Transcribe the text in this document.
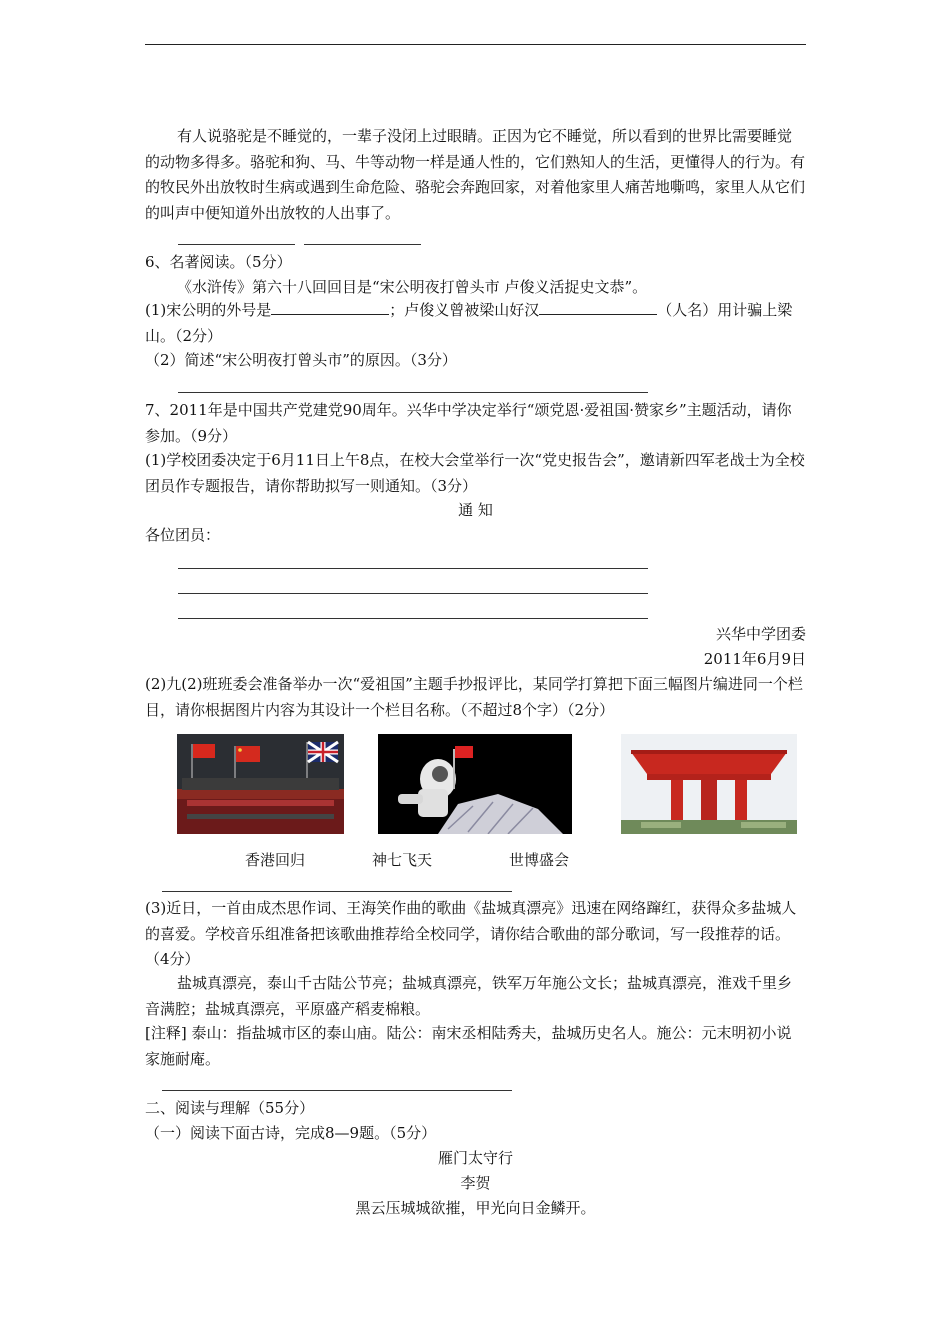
有人说骆驼是不睡觉的，一辈子没闭上过眼睛。正因为它不睡觉，所以看到的世界比需要睡觉的动物多得多。骆驼和狗、马、牛等动物一样是通人性的，它们熟知人的生活，更懂得人的行为。有的牧民外出放牧时生病或遇到生命危险、骆驼会奔跑回家，对着他家里人痛苦地嘶鸣，家里人从它们的叫声中便知道外出放牧的人出事了。

6、名著阅读。（5分）

《水浒传》第六十八回回目是“宋公明夜打曾头市 卢俊义活捉史文恭”。

(1)宋公明的外号是	；卢俊义曾被梁山好汉	（人名）用计骗上梁山。（2分）

（2）简述“宋公明夜打曾头市”的原因。（3分）

7、2011年是中国共产党建党90周年。兴华中学决定举行“颂党恩·爱祖国·赞家乡”主题活动，请你参加。（9分）

(1)学校团委决定于6月11日上午8点，在校大会堂举行一次“党史报告会”，邀请新四军老战士为全校团员作专题报告，请你帮助拟写一则通知。（3分）

通 知

各位团员：

兴华中学团委

2011年6月9日

(2)九(2)班班委会准备举办一次“爱祖国”主题手抄报评比，某同学打算把下面三幅图片编进同一个栏目，请你根据图片内容为其设计一个栏目名称。（不超过8个字）（2分）

香港回归	神七飞天	世博盛会

(3)近日，一首由成杰思作词、王海笑作曲的歌曲《盐城真漂亮》迅速在网络蹿红，获得众多盐城人的喜爱。学校音乐组准备把该歌曲推荐给全校同学，请你结合歌曲的部分歌词，写一段推荐的话。（4分）

盐城真漂亮，泰山千古陆公节亮；盐城真漂亮，铁军万年施公文长；盐城真漂亮，淮戏千里乡音满腔；盐城真漂亮，平原盛产稻麦棉粮。

[注释] 泰山：指盐城市区的泰山庙。陆公：南宋丞相陆秀夫，盐城历史名人。施公：元末明初小说家施耐庵。

二、阅读与理解（55分）

（一）阅读下面古诗，完成8—9题。（5分）

雁门太守行

李贺

黑云压城城欲摧，甲光向日金鳞开。
